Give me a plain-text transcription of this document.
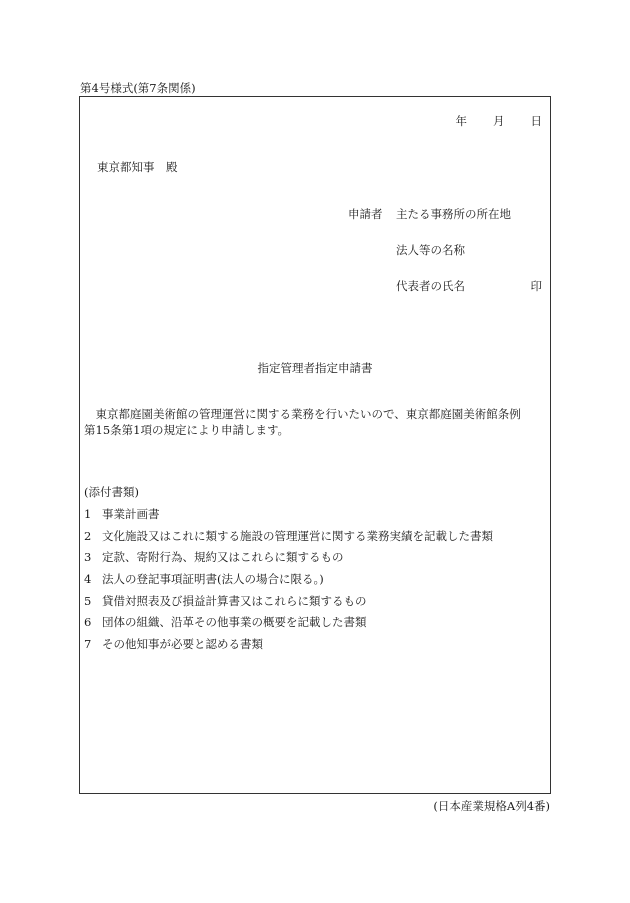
第4号様式(第7条関係)
年 月 日
東京都知事　殿
申請者 主たる事務所の所在地
法人等の名称
代表者の氏名	印
指定管理者指定申請書
東京都庭園美術館の管理運営に関する業務を行いたいので、東京都庭園美術館条例
第15条第1項の規定により申請します。
(添付書類)
1 事業計画書
2 文化施設又はこれに類する施設の管理運営に関する業務実績を記載した書類
3 定款、寄附行為、規約又はこれらに類するもの
4 法人の登記事項証明書(法人の場合に限る。)
5 貸借対照表及び損益計算書又はこれらに類するもの
6 団体の組織、沿革その他事業の概要を記載した書類
7 その他知事が必要と認める書類
(日本産業規格A列4番)
